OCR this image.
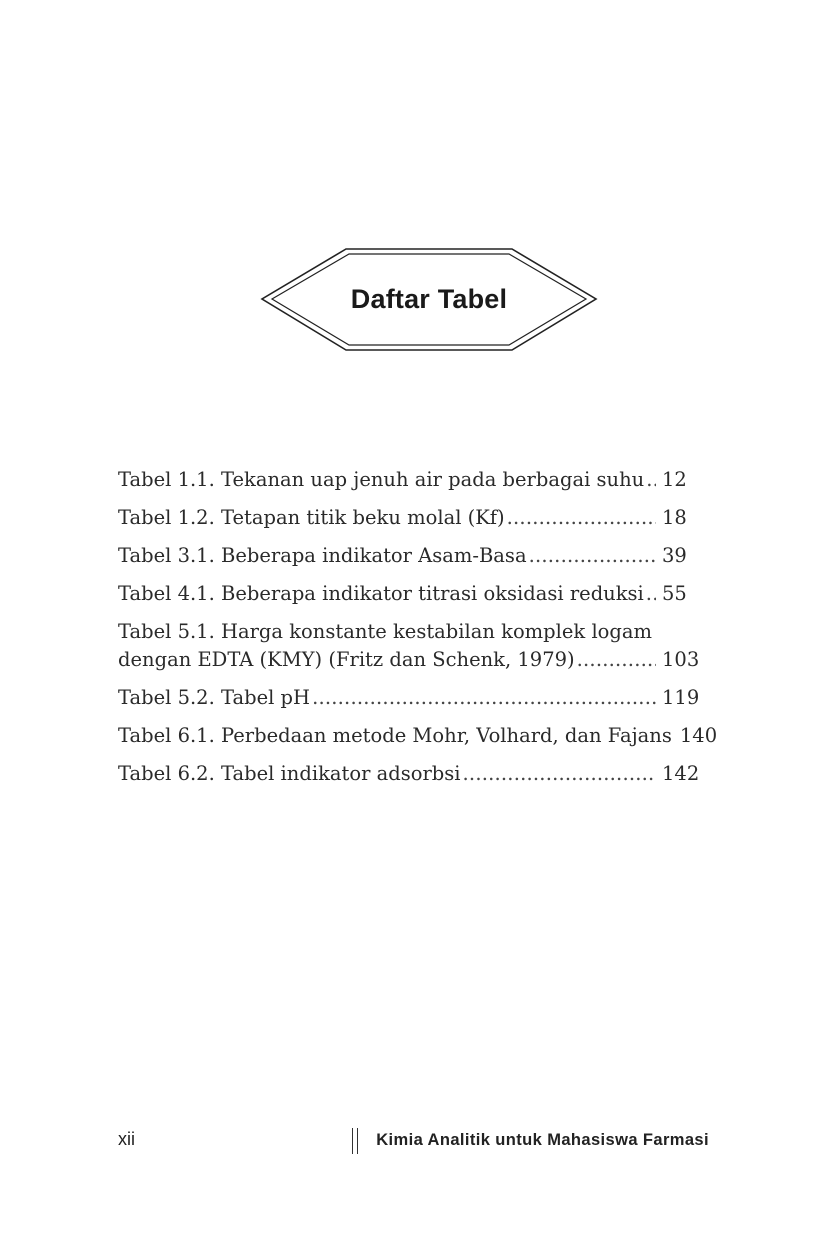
Daftar Tabel
Tabel 1.1. Tekanan uap jenuh air pada berbagai suhu . . . 12
Tabel 1.2. Tetapan titik beku molal (Kf) . . .	18
Tabel 3.1. Beberapa indikator Asam-Basa . . .	39
Tabel 4.1. Beberapa indikator titrasi oksidasi reduksi . . . 55
Tabel 5.1. Harga konstante kestabilan komplek logam
dengan EDTA (KMY) (Fritz dan Schenk, 1979) . . .	103
Tabel 5.2. Tabel pH . . .	119
Tabel 6.1. Perbedaan metode Mohr, Volhard, dan Fajans 140
Tabel 6.2. Tabel indikator adsorbsi . . .	142
xii	Kimia Analitik untuk Mahasiswa Farmasi
